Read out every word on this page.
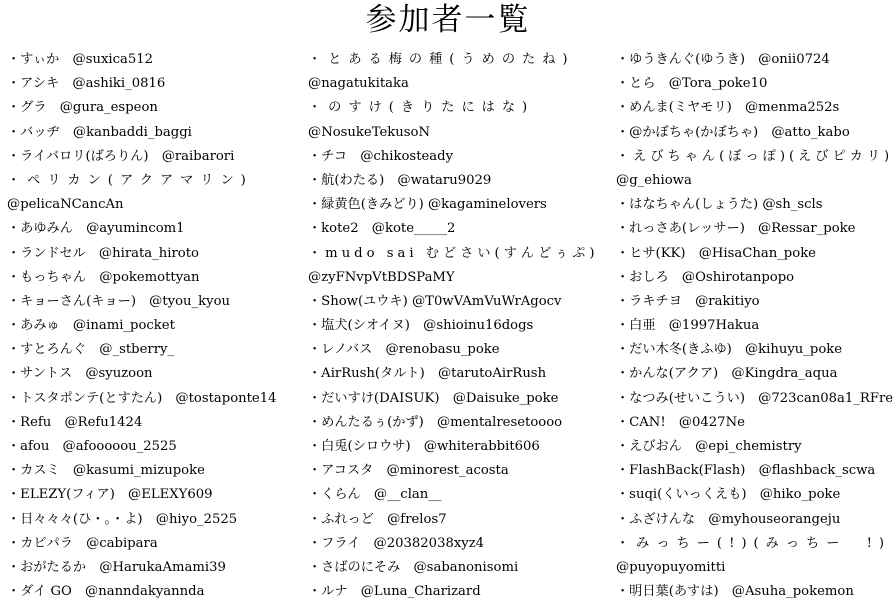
参加者一覧
・すぃか　@suxica512
・アシキ　@ashiki_0816
・グラ　@gura_espeon
・バッヂ　@kanbaddi_baggi
・ライバロリ(ばろりん)　@raibarori
・ペリカン(アクアマリン)
@pelicaNCancAn
・あゆみん　@ayumincom1
・ランドセル　@hirata_hiroto
・もっちゃん　@pokemottyan
・キョーさん(キョー)　@tyou_kyou
・あみゅ　@inami_pocket
・すとろんぐ　@_stberry_
・サントス　@syuzoon
・トスタポンテ(とすたん)　@tostaponte14
・Refu　@Refu1424
・afou　@afooooou_2525
・カスミ　@kasumi_mizupoke
・ELEZY(フィア)　@ELEXY609
・日々々々(ひ・。・よ)　@hiyo_2525
・カビパラ　@cabipara
・おがたるか　@HarukaAmami39
・ダイ GO　@nanndakyannda
・とある梅の種(うめのたね)
@nagatukitaka
・のすけ(きりたにはな)
@NosukeTekusoN
・チコ　@chikosteady
・航(わたる)　@wataru9029
・緑黄色(きみどり) @kagaminelovers
・kote2　@kote_____2
・mudo sai むどさい(すんどぅぷ)
@zyFNvpVtBDSPaMY
・Show(ユウキ) @T0wVAmVuWrAgocv
・塩犬(シオイヌ)　@shioinu16dogs
・レノバス　@renobasu_poke
・AirRush(タルト)　@tarutoAirRush
・だいすけ(DAISUK)　@Daisuke_poke
・めんたるぅ(かず)　@mentalresetoooo
・白兎(シロウサ)　@whiterabbit606
・アコスタ　@minorest_acosta
・くらん　@__clan__
・ふれっど　@frelos7
・フライ　@20382038xyz4
・さばのにそみ　@sabanonisomi
・ルナ　@Luna_Charizard
・ゆうきんぐ(ゆうき)　@onii0724
・とら　@Tora_poke10
・めんま(ミヤモリ)　@menma252s
・@かぼちゃ(かぼちゃ)　@atto_kabo
・えびちゃん(ぼっぽ)(えびピカリ)
@g_ehiowa
・はなちゃん(しょうた) @sh_scls
・れっさあ(レッサー)　@Ressar_poke
・ヒサ(KK)　@HisaChan_poke
・おしろ　@Oshirotanpopo
・ラキチヨ　@rakitiyo
・白亜　@1997Hakua
・だい木冬(きふゆ)　@kihuyu_poke
・かんな(アクア)　@Kingdra_aqua
・なつみ(せいこうい)　@723can08a1_RFre
・CAN!　@0427Ne
・えびおん　@epi_chemistry
・FlashBack(Flash)　@flashback_scwa
・suqi(くいっくえも)　@hiko_poke
・ふざけんな　@myhouseorangeju
・みっちー(!)(みっちー　!)
@puyopuyomitti
・明日葉(あすは)　@Asuha_pokemon
